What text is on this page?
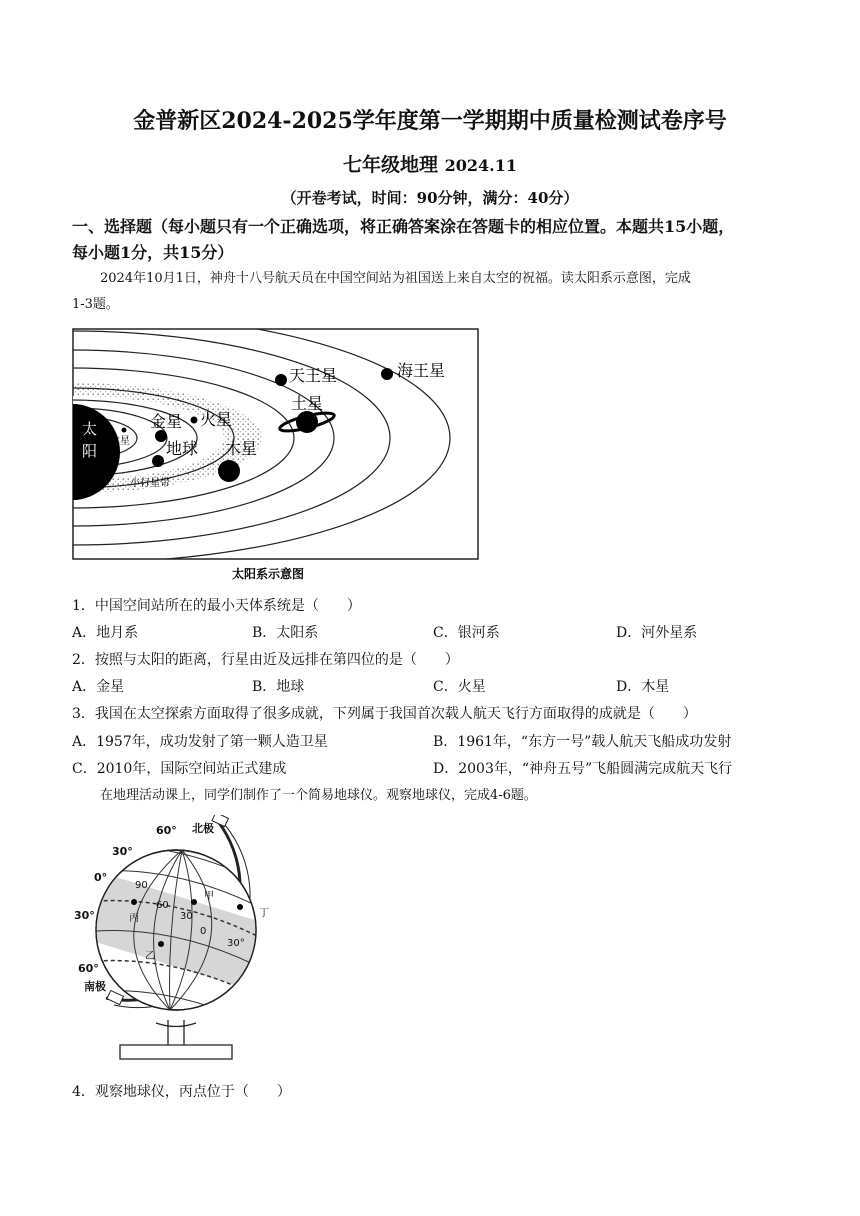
金普新区2024-2025学年度第一学期期中质量检测试卷序号
七年级地理 2024.11
（开卷考试，时间：90分钟，满分：40分）
一、选择题（每小题只有一个正确选项，将正确答案涂在答题卡的相应位置。本题共15小题，
每小题1分，共15分）
2024年10月1日，神舟十八号航天员在中国空间站为祖国送上来自太空的祝福。读太阳系示意图，完成
1-3题。
太
阳
水星
金星 火星
地球 木星
小行星带
土星
天王星	海王星
太阳系示意图
1．中国空间站所在的最小天体系统是（　　）
A．地月系	B．太阳系	C．银河系	D．河外星系
2．按照与太阳的距离，行星由近及远排在第四位的是（　　）
A．金星	B．地球	C．火星	D．木星
3．我国在太空探索方面取得了很多成就，下列属于我国首次载人航天飞行方面取得的成就是（　　）
A．1957年，成功发射了第一颗人造卫星	B．1961年，“东方一号”载人航天飞船成功发射
C．2010年，国际空间站正式建成	D．2003年，“神舟五号”飞船圆满完成航天飞行
在地理活动课上，同学们制作了一个简易地球仪。观察地球仪，完成4-6题。
丙
甲
丁
乙
90
60
30
0
30°
北极
60°
30°
0°
30°
60°
南极
4．观察地球仪，丙点位于（　　）
